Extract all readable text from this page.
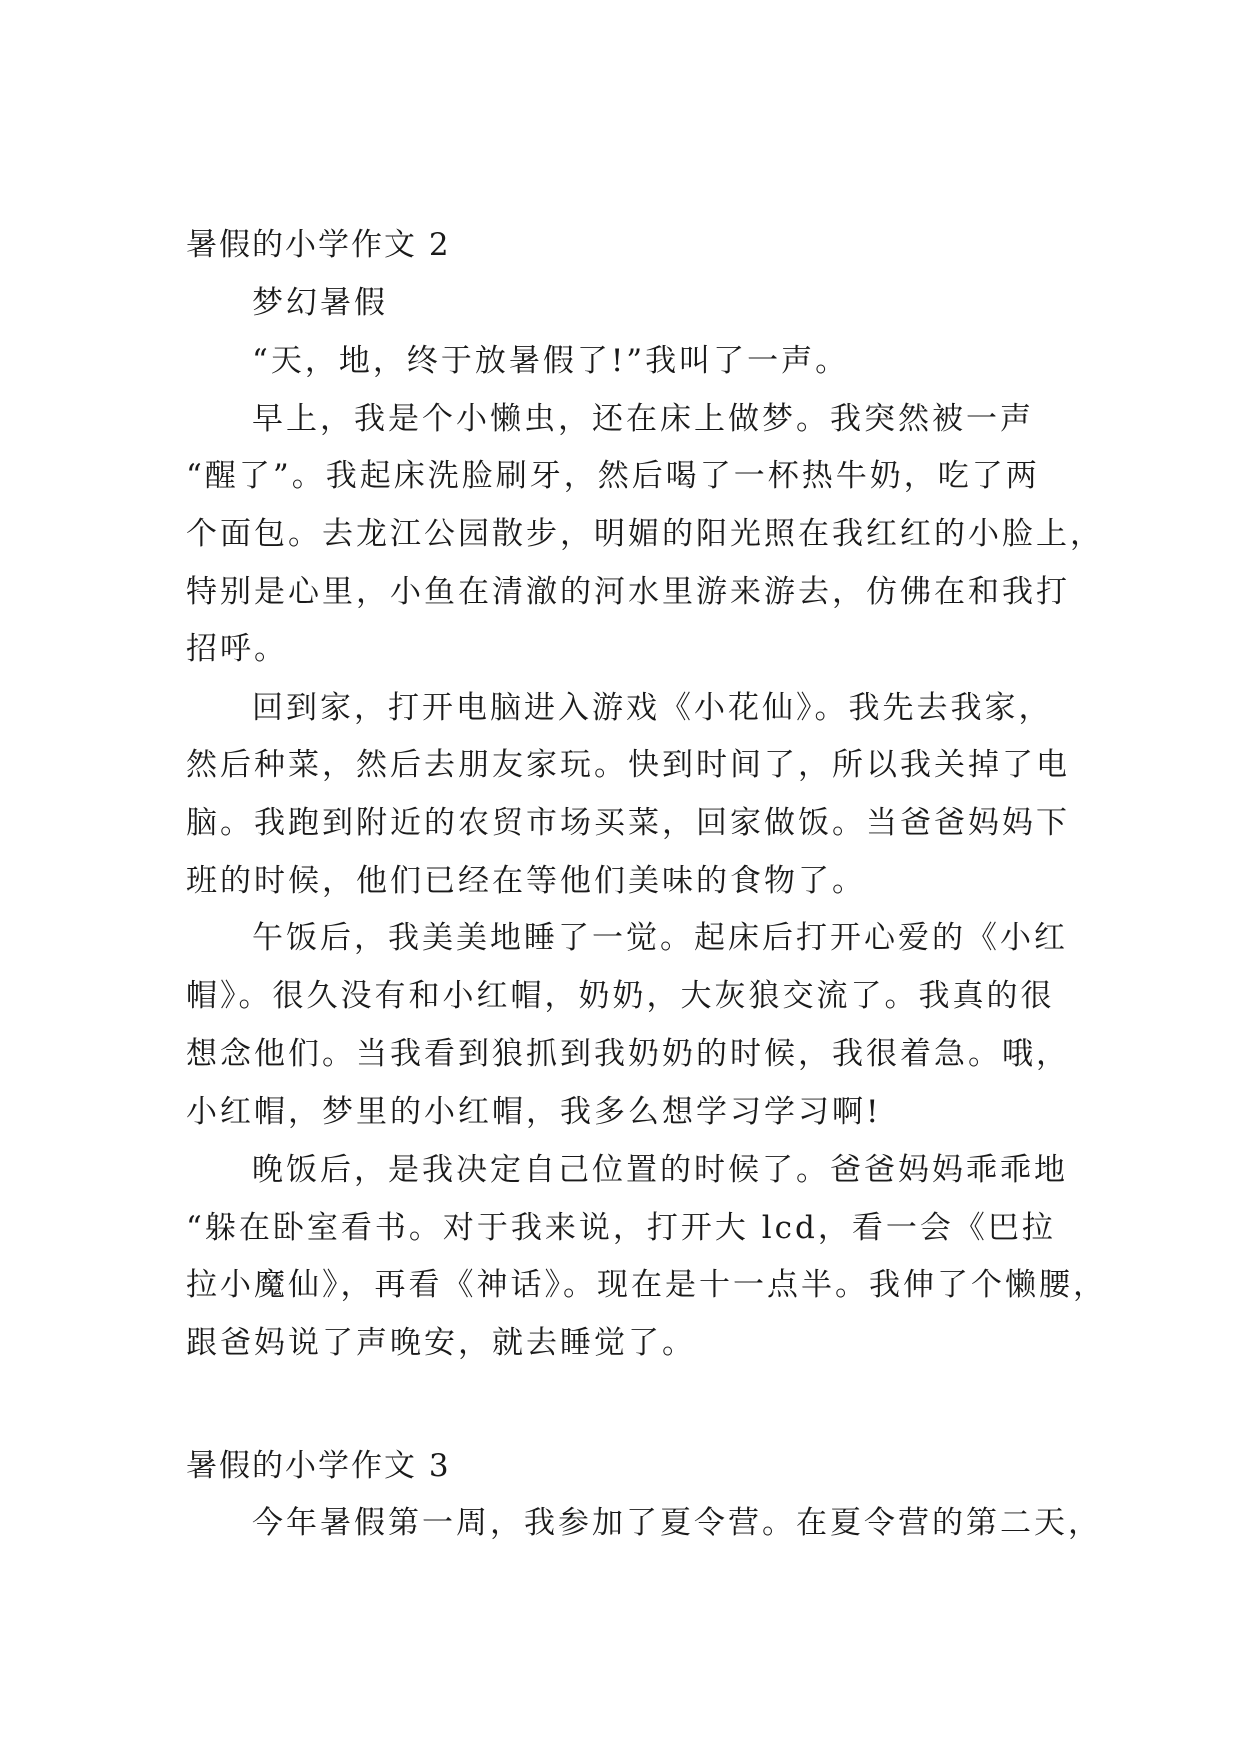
暑假的小学作文 2
梦幻暑假
“天，地，终于放暑假了!”我叫了一声。
早上，我是个小懒虫，还在床上做梦。我突然被一声
“醒了”。我起床洗脸刷牙，然后喝了一杯热牛奶，吃了两
个面包。去龙江公园散步，明媚的阳光照在我红红的小脸上，
特别是心里，小鱼在清澈的河水里游来游去，仿佛在和我打
招呼。
回到家，打开电脑进入游戏《小花仙》。我先去我家，
然后种菜，然后去朋友家玩。快到时间了，所以我关掉了电
脑。我跑到附近的农贸市场买菜，回家做饭。当爸爸妈妈下
班的时候，他们已经在等他们美味的食物了。
午饭后，我美美地睡了一觉。起床后打开心爱的《小红
帽》。很久没有和小红帽，奶奶，大灰狼交流了。我真的很
想念他们。当我看到狼抓到我奶奶的时候，我很着急。哦，
小红帽，梦里的小红帽，我多么想学习学习啊!
晚饭后，是我决定自己位置的时候了。爸爸妈妈乖乖地
“躲在卧室看书。对于我来说，打开大 lcd，看一会《巴拉
拉小魔仙》，再看《神话》。现在是十一点半。我伸了个懒腰，
跟爸妈说了声晚安，就去睡觉了。
暑假的小学作文 3
今年暑假第一周，我参加了夏令营。在夏令营的第二天，
